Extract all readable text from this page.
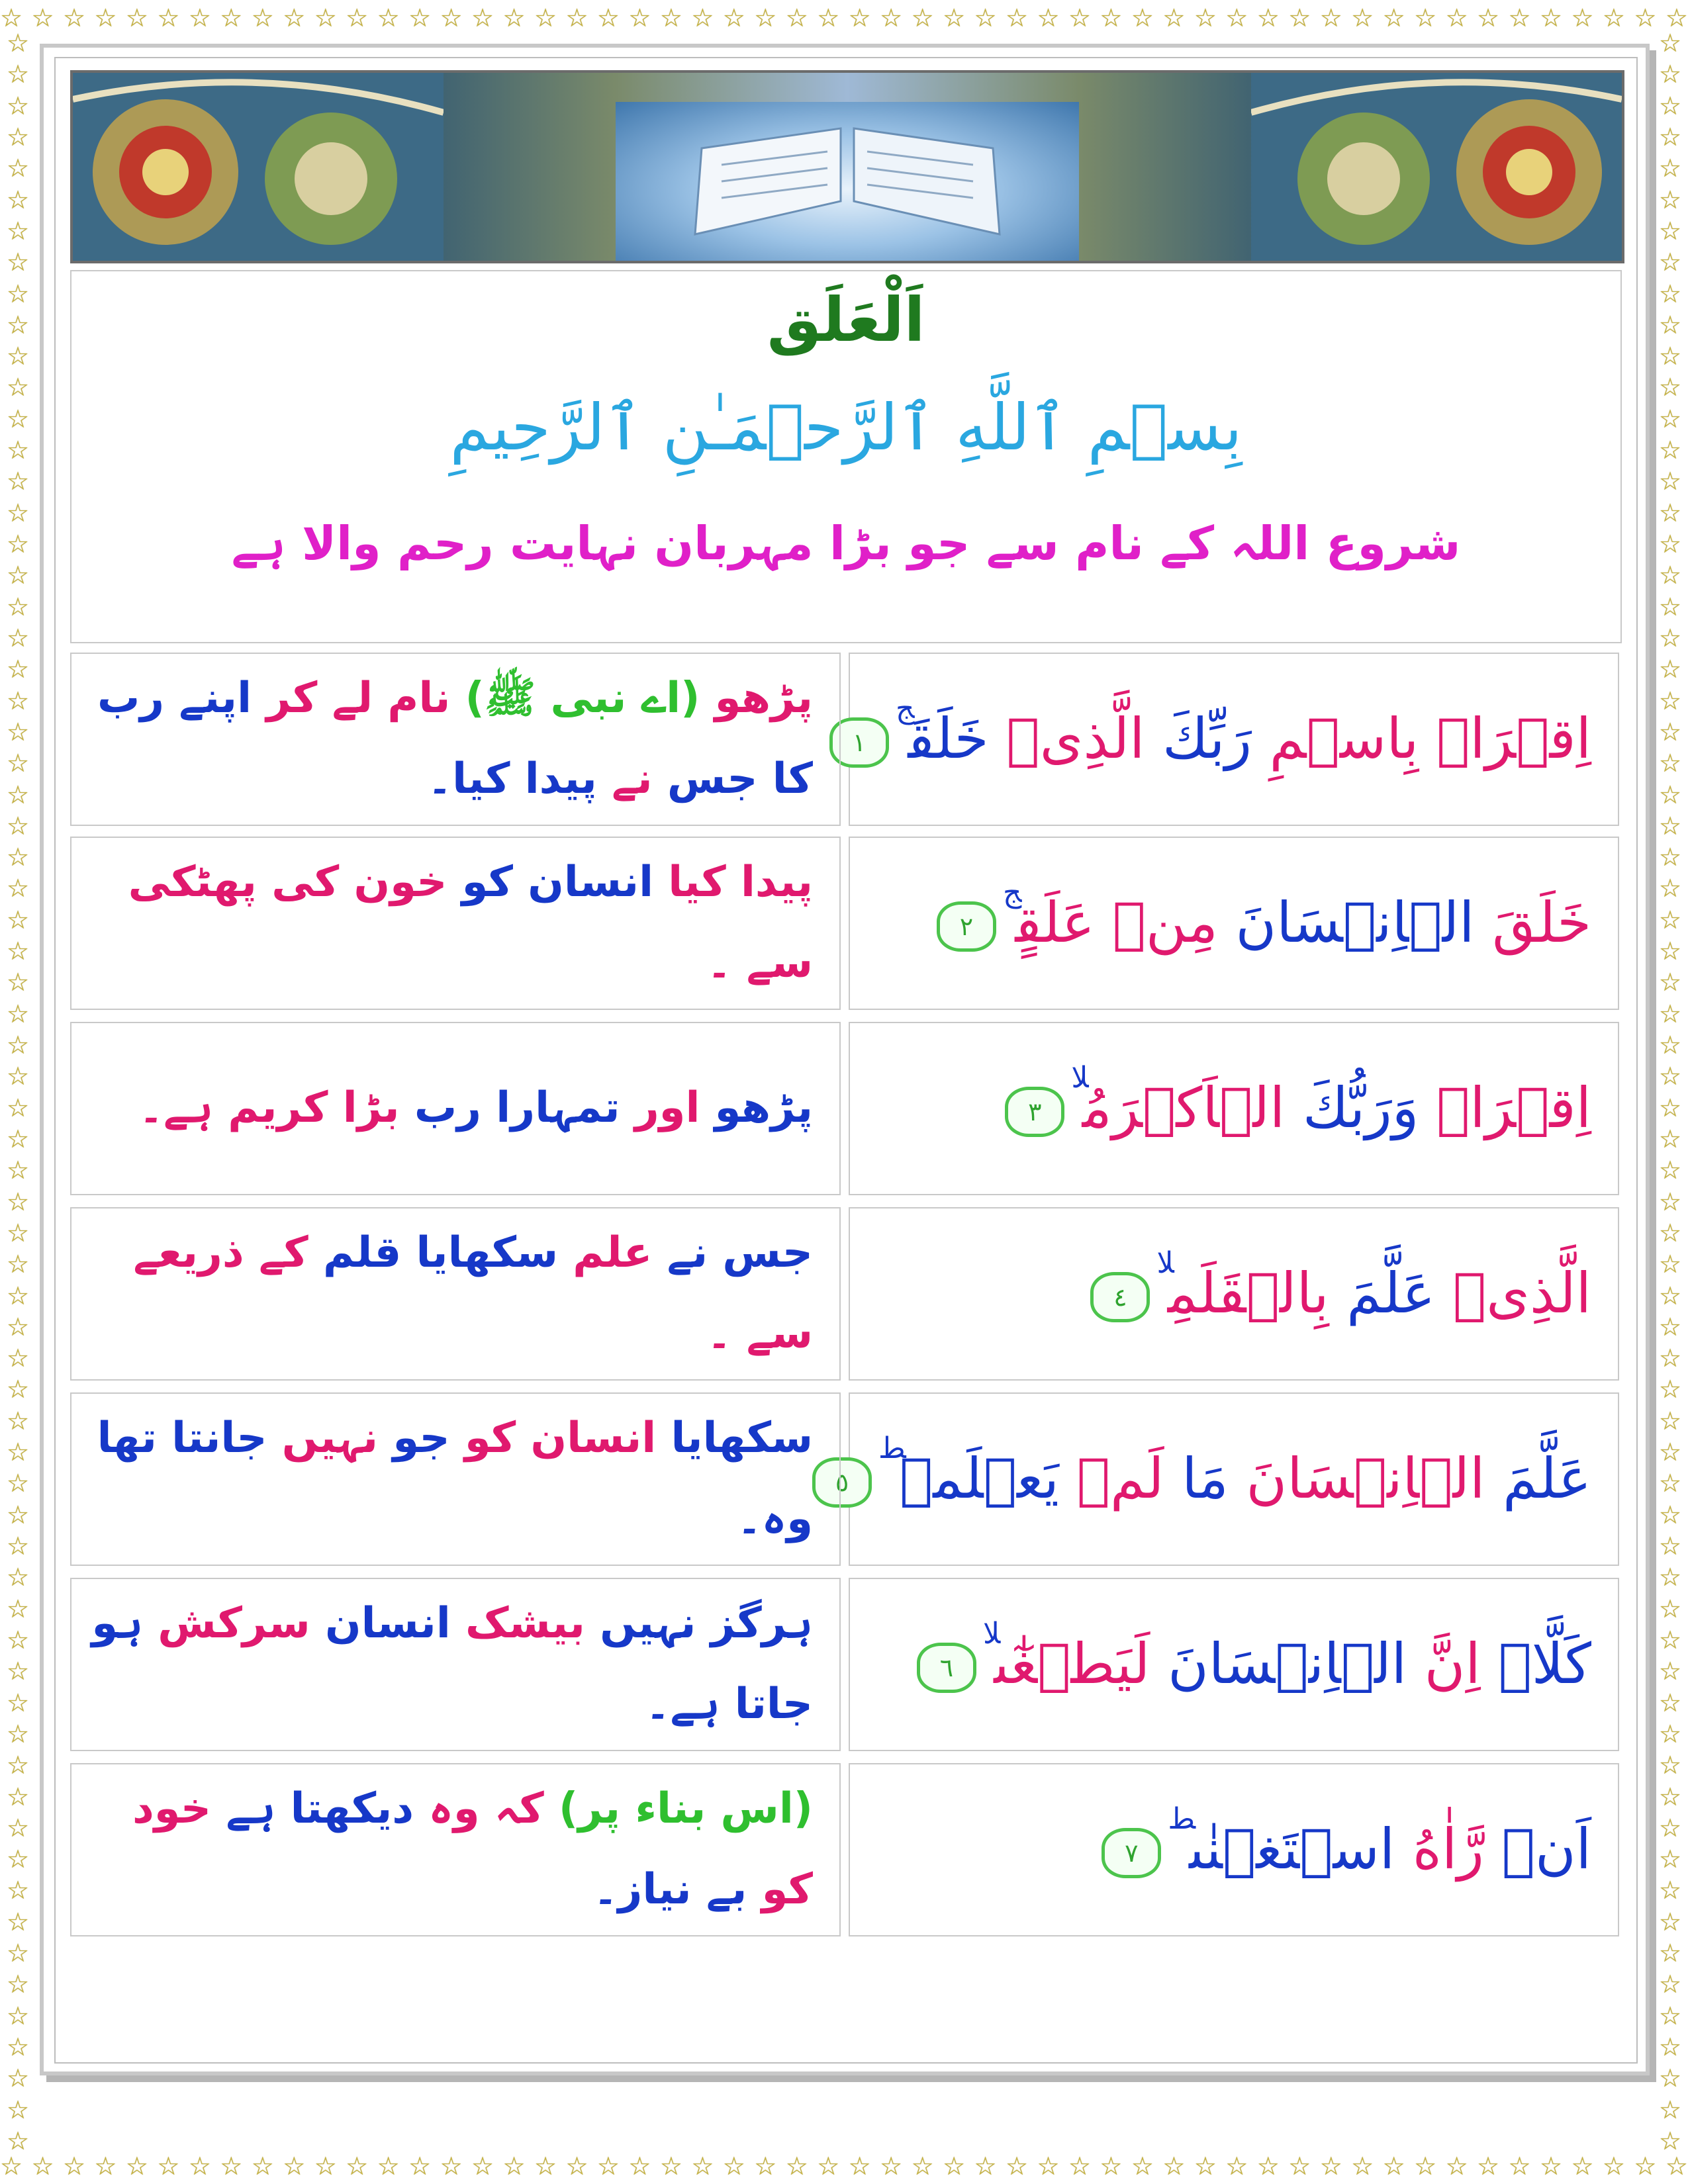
☆ ☆ ☆ ☆ ☆ ☆ ☆ ☆ ☆ ☆ ☆ ☆ ☆ ☆ ☆ ☆ ☆ ☆ ☆ ☆ ☆ ☆ ☆ ☆ ☆ ☆ ☆ ☆ ☆ ☆ ☆ ☆ ☆ ☆ ☆ ☆ ☆ ☆ ☆ ☆ ☆ ☆ ☆ ☆ ☆ ☆ ☆ ☆ ☆ ☆ ☆ ☆ ☆ ☆
☆ ☆ ☆ ☆ ☆ ☆ ☆ ☆ ☆ ☆ ☆ ☆ ☆ ☆ ☆ ☆ ☆ ☆ ☆ ☆ ☆ ☆ ☆ ☆ ☆ ☆ ☆ ☆ ☆ ☆ ☆ ☆ ☆ ☆ ☆ ☆ ☆ ☆ ☆ ☆ ☆ ☆ ☆ ☆ ☆ ☆ ☆ ☆ ☆ ☆ ☆ ☆ ☆ ☆
☆
☆
☆
☆
☆
☆
☆
☆
☆
☆
☆
☆
☆
☆
☆
☆
☆
☆
☆
☆
☆
☆
☆
☆
☆
☆
☆
☆
☆
☆
☆
☆
☆
☆
☆
☆
☆
☆
☆
☆
☆
☆
☆
☆
☆
☆
☆
☆
☆
☆
☆
☆
☆
☆
☆
☆
☆
☆
☆
☆
☆
☆
☆
☆
☆
☆
☆
☆
☆
☆
☆
☆
☆
☆
☆
☆
☆
☆
☆
☆
☆
☆
☆
☆
☆
☆
☆
☆
☆
☆
☆
☆
☆
☆
☆
☆
☆
☆
☆
☆
☆
☆
☆
☆
☆
☆
☆
☆
☆
☆
☆
☆
☆
☆
☆
☆
☆
☆
☆
☆
☆
☆
☆
☆
☆
☆
☆
☆
☆
☆
☆
☆
☆
☆
☆
☆
اَلْعَلَق
بِسۡمِ ٱللَّهِ ٱلرَّحۡمَـٰنِ ٱلرَّحِيمِ
شروع اللہ کے نام سے جو بڑا مہربان نہایت رحم والا ہے
اِقۡرَاۡ بِاسۡمِ رَبِّكَ الَّذِىۡ خَلَقَ$^ج$١
پڑھو (اے نبی ﷺ) نام لے کر اپنے رب کا جس نے پیدا کیا۔
خَلَقَ الۡاِنۡسَانَ مِنۡ عَلَقٍ$^ج$٢
پیدا کیا انسان کو خون کی پھٹکی سے ۔
اِقۡرَاۡ وَرَبُّكَ الۡاَكۡرَمُ$^{لا}$٣
پڑھو اور تمہارا رب بڑا کریم ہے۔
الَّذِىۡ عَلَّمَ بِالۡقَلَمِ$^{لا}$٤
جس نے علم سکھایا قلم کے ذریعے سے ۔
عَلَّمَ الۡاِنۡسَانَ مَا لَمۡ يَعۡلَمۡ$^ط$٥
سکھایا انسان کو جو نہیں جانتا تھا وہ۔
كَلَّاۤ اِنَّ الۡاِنۡسَانَ لَيَطۡغٰٓى$^{لا}$٦
ہرگز نہیں بیشک انسان سرکش ہو جاتا ہے۔
اَنۡ رَّاٰهُ اسۡتَغۡنٰى$^ط$٧
(اس بناء پر) کہ وہ دیکھتا ہے خود کو بے نیاز۔
